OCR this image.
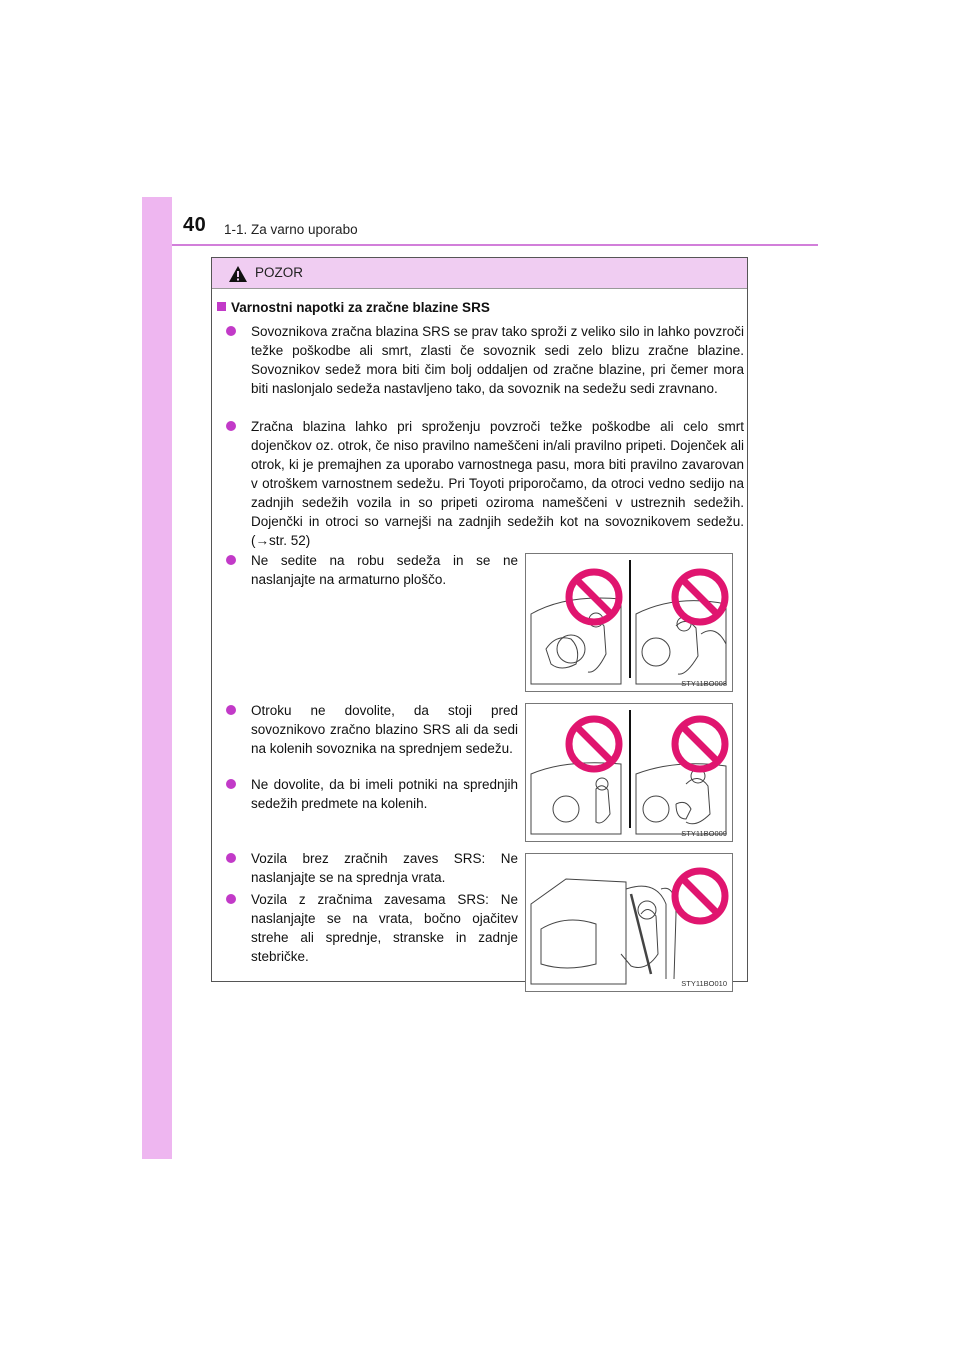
40 1-1. Za varno uporabo
POZOR
Varnostni napotki za zračne blazine SRS
Sovoznikova zračna blazina SRS se prav tako sproži z veliko silo in lahko povzroči težke poškodbe ali smrt, zlasti če sovoznik sedi zelo blizu zračne blazine. Sovoznikov sedež mora biti čim bolj oddaljen od zračne blazine, pri čemer mora biti naslonjalo sedeža nastavljeno tako, da sovoznik na sedežu sedi zravnano.
Zračna blazina lahko pri sproženju povzroči težke poškodbe ali celo smrt dojenčkov oz. otrok, če niso pravilno nameščeni in/ali pravilno pripeti. Dojenček ali otrok, ki je premajhen za uporabo varnostnega pasu, mora biti pravilno zavarovan v otroškem varnostnem sedežu. Pri Toyoti priporočamo, da otroci vedno sedijo na zadnjih sedežih vozila in so pripeti oziroma nameščeni v ustreznih sedežih. Dojenčki in otroci so varnejši na zadnjih sedežih kot na sovoznikovem sedežu. (→str. 52)
Ne sedite na robu sedeža in se ne naslanjajte na armaturno ploščo.
Otroku ne dovolite, da stoji pred sovoznikovo zračno blazino SRS ali da sedi na kolenih sovoznika na sprednjem sedežu.
Ne dovolite, da bi imeli potniki na sprednjih sedežih predmete na kolenih.
Vozila brez zračnih zaves SRS: Ne naslanjajte se na sprednja vrata.
Vozila z zračnima zavesama SRS: Ne naslanjajte se na vrata, bočno ojačitev strehe ali sprednje, stranske in zadnje stebričke.
STY11BO008
STY11BO009
STY11BO010
